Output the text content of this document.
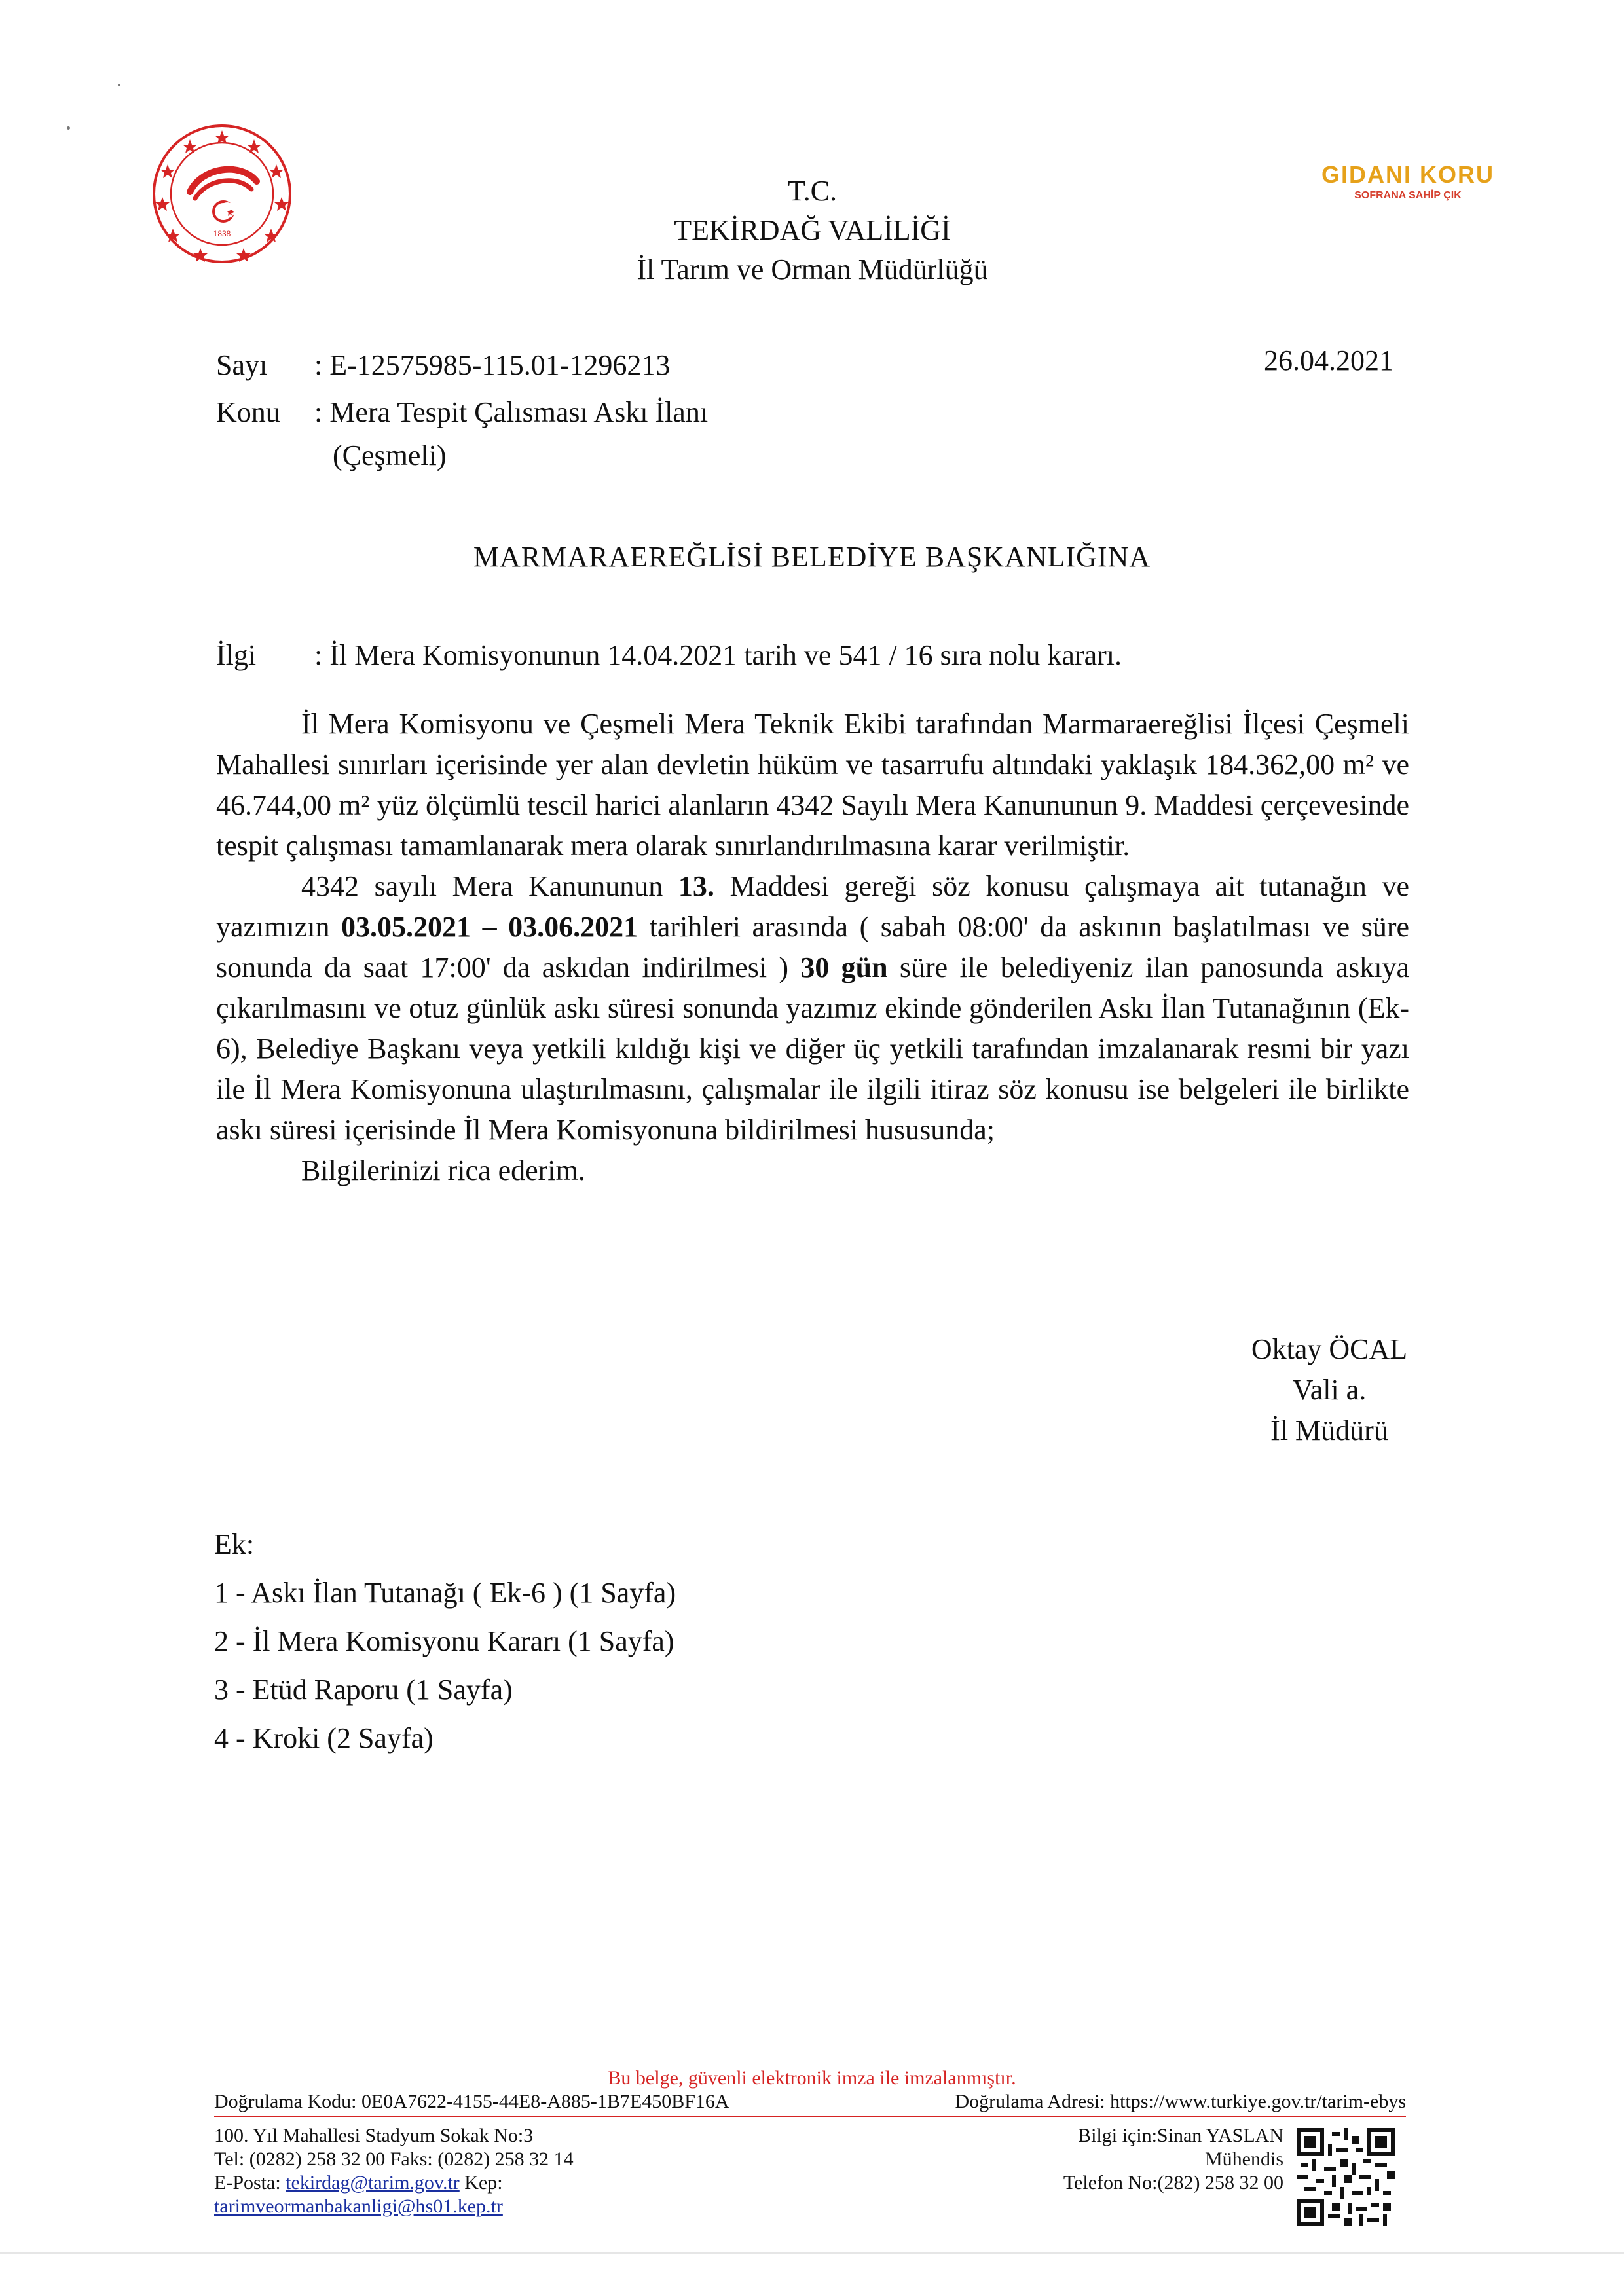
1838
T.C.
TEKİRDAĞ VALİLİĞİ
İl Tarım ve Orman Müdürlüğü
GIDANI KORU
SOFRANA SAHİP ÇIK
Sayı : E-12575985-115.01-1296213
Konu : Mera Tespit Çalısması Askı İlanı
(Çeşmeli)
26.04.2021
MARMARAEREĞLİSİ BELEDİYE BAŞKANLIĞINA
İlgi : İl Mera Komisyonunun 14.04.2021 tarih ve 541 / 16 sıra nolu kararı.

İl Mera Komisyonu ve Çeşmeli Mera Teknik Ekibi tarafından Marmaraereğlisi İlçesi Çeşmeli Mahallesi sınırları içerisinde yer alan devletin hüküm ve tasarrufu altındaki yaklaşık 184.362,00 m² ve 46.744,00 m² yüz ölçümlü tescil harici alanların 4342 Sayılı Mera Kanununun 9. Maddesi çerçevesinde tespit çalışması tamamlanarak mera olarak sınırlandırılmasına karar verilmiştir.

4342 sayılı Mera Kanununun 13. Maddesi gereği söz konusu çalışmaya ait tutanağın ve yazımızın 03.05.2021 – 03.06.2021 tarihleri arasında ( sabah 08:00' da askının başlatılması ve süre sonunda da saat 17:00' da askıdan indirilmesi ) 30 gün süre ile belediyeniz ilan panosunda askıya çıkarılmasını ve otuz günlük askı süresi sonunda yazımız ekinde gönderilen Askı İlan Tutanağının (Ek-6), Belediye Başkanı veya yetkili kıldığı kişi ve diğer üç yetkili tarafından imzalanarak resmi bir yazı ile İl Mera Komisyonuna ulaştırılmasını, çalışmalar ile ilgili itiraz söz konusu ise belgeleri ile birlikte askı süresi içerisinde İl Mera Komisyonuna bildirilmesi hususunda;

Bilgilerinizi rica ederim.

Oktay ÖCAL
Vali a.
İl Müdürü
Ek:
1 - Askı İlan Tutanağı ( Ek-6 ) (1 Sayfa)
2 - İl Mera Komisyonu Kararı (1 Sayfa)
3 - Etüd Raporu (1 Sayfa)
4 - Kroki (2 Sayfa)
Bu belge, güvenli elektronik imza ile imzalanmıştır.
Doğrulama Kodu: 0E0A7622-4155-44E8-A885-1B7E450BF16A	Doğrulama Adresi: https://www.turkiye.gov.tr/tarim-ebys
100. Yıl Mahallesi Stadyum Sokak No:3
Tel: (0282) 258 32 00 Faks: (0282) 258 32 14
E-Posta: tekirdag@tarim.gov.tr Kep:
tarimveormanbakanligi@hs01.kep.tr
Bilgi için:Sinan YASLAN
Mühendis
Telefon No:(282) 258 32 00
